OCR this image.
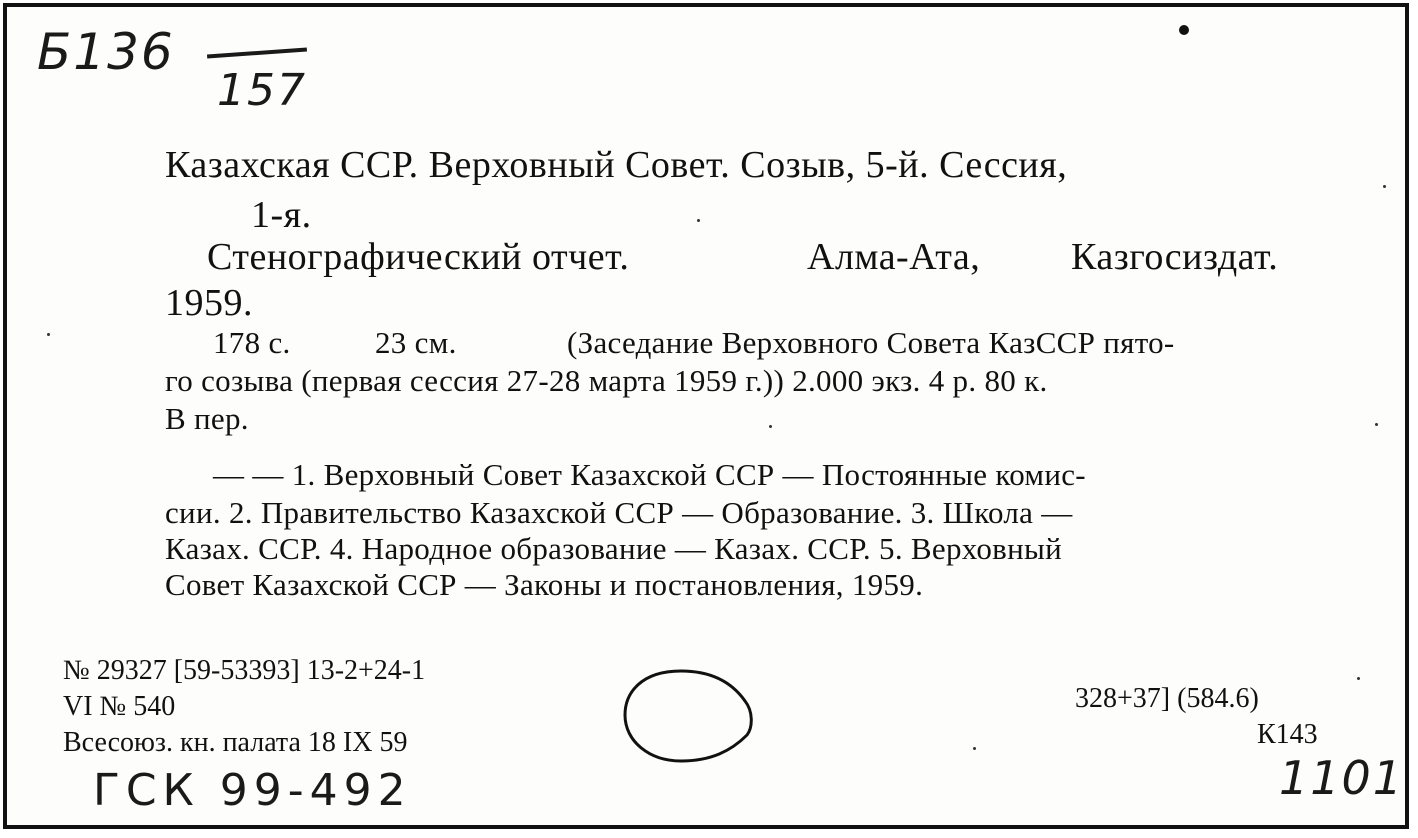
Б136
157
Казахская ССР. Верховный Совет. Созыв, 5-й. Сессия,
1-я.
Стенографический отчет.	Алма-Ата, Казгосиздат.
1959.
178 с.	23 см.	(Заседание Верховного Совета КазССР пято-
го созыва (первая сессия 27-28 марта 1959 г.)) 2.000 экз. 4 р. 80 к.
В пер.
— — 1. Верховный Совет Казахской ССР — Постоянные комис-
сии. 2. Правительство Казахской ССР — Образование. 3. Школа —
Казах. ССР. 4. Народное образование — Казах. ССР. 5. Верховный
Совет Казахской ССР — Законы и постановления, 1959.
№ 29327 [59-53393] 13-2+24-1
VI № 540
Всесоюз. кн. палата 18 IX 59
328+37] (584.6)
К143
ГСК 99-492	1101
